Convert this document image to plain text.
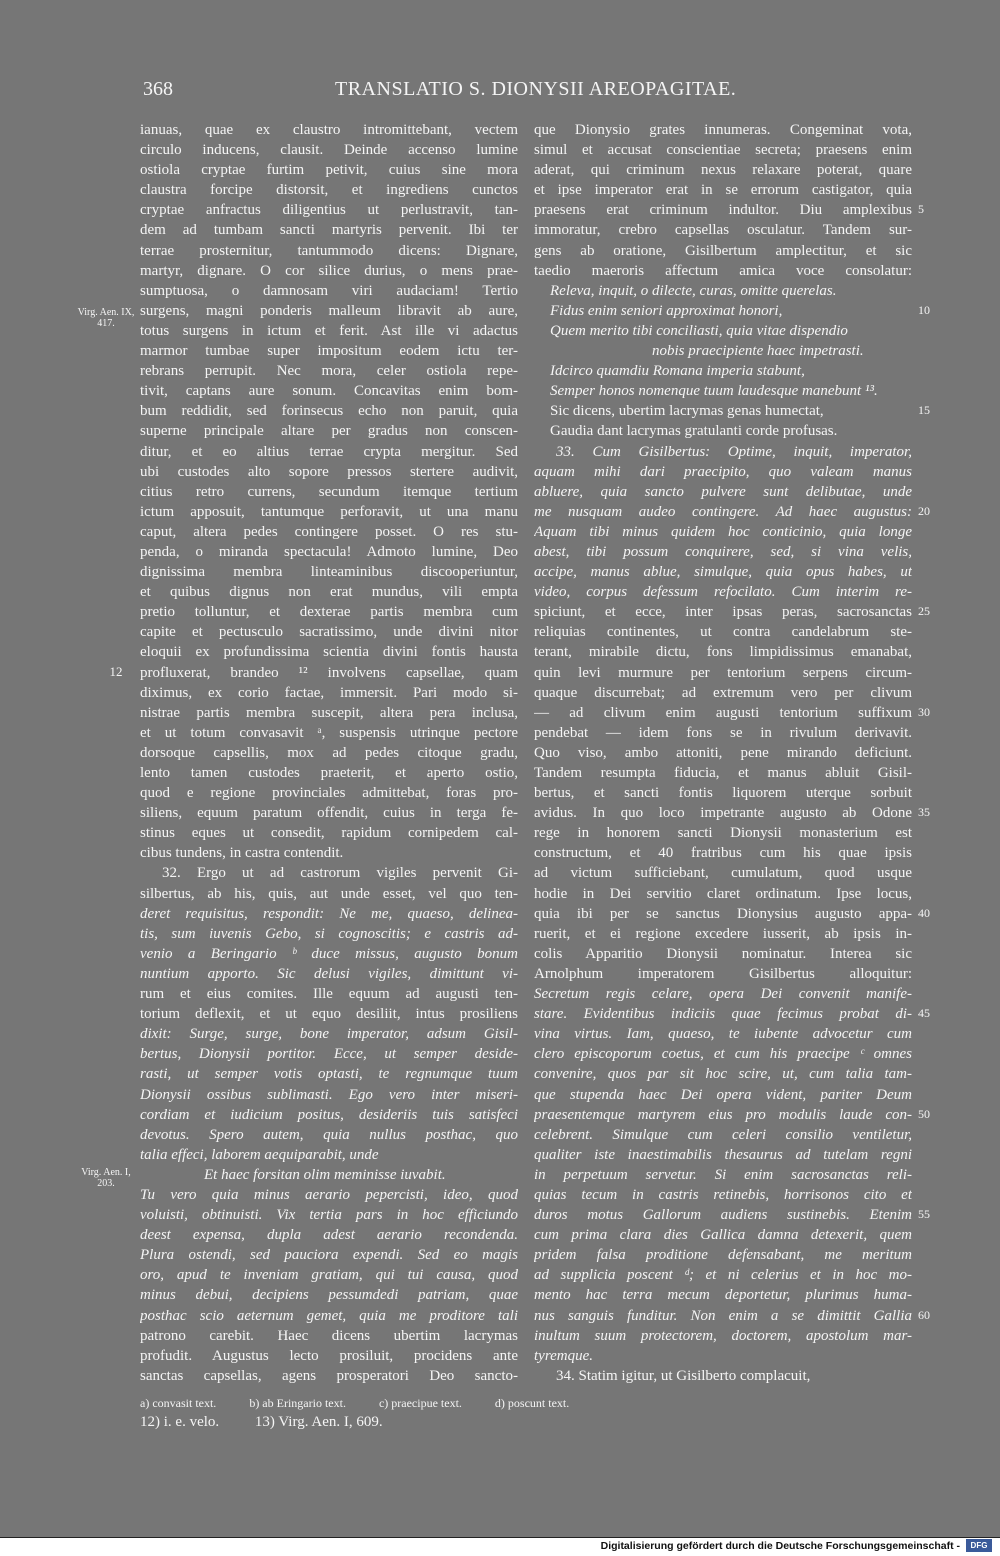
368	TRANSLATIO S. DIONYSII AREOPAGITAE.
ianuas, quae ex claustro intromittebant, vectem
circulo inducens, clausit. Deinde accenso lumine
ostiola cryptae furtim petivit, cuius sine mora
claustra forcipe distorsit, et ingrediens cunctos
cryptae anfractus diligentius ut perlustravit, tan-
dem ad tumbam sancti martyris pervenit. Ibi ter
terrae prosternitur, tantummodo dicens: Dignare,
martyr, dignare. O cor silice durius, o mens prae-
sumptuosa, o damnosam viri audaciam! Tertio
surgens, magni ponderis malleum libravit ab aure,
totus surgens in ictum et ferit. Ast ille vi adactus
marmor tumbae super impositum eodem ictu ter-
rebrans perrupit. Nec mora, celer ostiola repe-
tivit, captans aure sonum. Concavitas enim bom-
bum reddidit, sed forinsecus echo non paruit, quia
superne principale altare per gradus non conscen-
ditur, et eo altius terrae crypta mergitur. Sed
ubi custodes alto sopore pressos stertere audivit,
citius retro currens, secundum itemque tertium
ictum apposuit, tantumque perforavit, ut una manu
caput, altera pedes contingere posset. O res stu-
penda, o miranda spectacula! Admoto lumine, Deo
dignissima membra linteaminibus discooperiuntur,
et quibus dignus non erat mundus, vili empta
pretio tolluntur, et dexterae partis membra cum
capite et pectusculo sacratissimo, unde divini nitor
eloquii ex profundissima scientia divini fontis hausta
profluxerat, brandeo ¹² involvens capsellae, quam
diximus, ex corio factae, immersit. Pari modo si-
nistrae partis membra suscepit, altera pera inclusa,
et ut totum convasavit ᵃ, suspensis utrinque pectore
dorsoque capsellis, mox ad pedes citoque gradu,
lento tamen custodes praeterit, et aperto ostio,
quod e regione provinciales admittebat, foras pro-
siliens, equum paratum offendit, cuius in terga fe-
stinus eques ut consedit, rapidum cornipedem cal-
cibus tundens, in castra contendit.
32. Ergo ut ad castrorum vigiles pervenit Gi-
silbertus, ab his, quis, aut unde esset, vel quo ten-
deret requisitus, respondit: Ne me, quaeso, delinea-
tis, sum iuvenis Gebo, si cognoscitis; e castris ad-
venio a Beringario ᵇ duce missus, augusto bonum
nuntium apporto. Sic delusi vigiles, dimittunt vi-
rum et eius comites. Ille equum ad augusti ten-
torium deflexit, et ut equo desiliit, intus prosiliens
dixit: Surge, surge, bone imperator, adsum Gisil-
bertus, Dionysii portitor. Ecce, ut semper deside-
rasti, ut semper votis optasti, te regnumque tuum
Dionysii ossibus sublimasti. Ego vero inter miseri-
cordiam et iudicium positus, desideriis tuis satisfeci
devotus. Spero autem, quia nullus posthac, quo
talia effeci, laborem aequiparabit, unde
Et haec forsitan olim meminisse iuvabit.
Tu vero quia minus aerario pepercisti, ideo, quod
voluisti, obtinuisti. Vix tertia pars in hoc efficiundo
deest expensa, dupla adest aerario recondenda.
Plura ostendi, sed pauciora expendi. Sed eo magis
oro, apud te inveniam gratiam, qui tui causa, quod
minus debui, decipiens pessumdedi patriam, quae
posthac scio aeternum gemet, quia me proditore tali
patrono carebit. Haec dicens ubertim lacrymas
profudit. Augustus lecto prosiluit, procidens ante
sanctas capsellas, agens prosperatori Deo sancto-
que Dionysio grates innumeras. Congeminat vota,
simul et accusat conscientiae secreta; praesens enim
aderat, qui criminum nexus relaxare poterat, quare
et ipse imperator erat in se errorum castigator, quia
praesens erat criminum indultor. Diu amplexibus
immoratur, crebro capsellas osculatur. Tandem sur-
gens ab oratione, Gisilbertum amplectitur, et sic
taedio maeroris affectum amica voce consolatur:
Releva, inquit, o dilecte, curas, omitte querelas.
Fidus enim seniori approximat honori,
Quem merito tibi conciliasti, quia vitae dispendio
nobis praecipiente haec impetrasti.
Idcirco quamdiu Romana imperia stabunt,
Semper honos nomenque tuum laudesque manebunt ¹³.
Sic dicens, ubertim lacrymas genas humectat,
Gaudia dant lacrymas gratulanti corde profusas.
33. Cum Gisilbertus: Optime, inquit, imperator,
aquam mihi dari praecipito, quo valeam manus
abluere, quia sancto pulvere sunt delibutae, unde
me nusquam audeo contingere. Ad haec augustus:
Aquam tibi minus quidem hoc conticinio, quia longe
abest, tibi possum conquirere, sed, si vina velis,
accipe, manus ablue, simulque, quia opus habes, ut
video, corpus defessum refocilato. Cum interim re-
spiciunt, et ecce, inter ipsas peras, sacrosanctas
reliquias continentes, ut contra candelabrum ste-
terant, mirabile dictu, fons limpidissimus emanabat,
quin levi murmure per tentorium serpens circum-
quaque discurrebat; ad extremum vero per clivum
— ad clivum enim augusti tentorium suffixum
pendebat — idem fons se in rivulum derivavit.
Quo viso, ambo attoniti, pene mirando deficiunt.
Tandem resumpta fiducia, et manus abluit Gisil-
bertus, et sancti fontis liquorem uterque sorbuit
avidus. In quo loco impetrante augusto ab Odone
rege in honorem sancti Dionysii monasterium est
constructum, et 40 fratribus cum his quae ipsis
ad victum sufficiebant, cumulatum, quod usque
hodie in Dei servitio claret ordinatum. Ipse locus,
quia ibi per se sanctus Dionysius augusto appa-
ruerit, et ei regione excedere iusserit, ab ipsis in-
colis Apparitio Dionysii nominatur. Interea sic
Arnolphum imperatorem Gisilbertus alloquitur:
Secretum regis celare, opera Dei convenit manife-
stare. Evidentibus indiciis quae fecimus probat di-
vina virtus. Iam, quaeso, te iubente advocetur cum
clero episcoporum coetus, et cum his praecipe ᶜ omnes
convenire, quos par sit hoc scire, ut, cum talia tam-
que stupenda haec Dei opera vident, pariter Deum
praesentemque martyrem eius pro modulis laude con-
celebrent. Simulque cum celeri consilio ventiletur,
qualiter iste inaestimabilis thesaurus ad tutelam regni
in perpetuum servetur. Si enim sacrosanctas reli-
quias tecum in castris retinebis, horrisonos cito et
duros motus Gallorum audiens sustinebis. Etenim
cum prima clara dies Gallica damna detexerit, quem
pridem falsa proditione defensabant, me meritum
ad supplicia poscent ᵈ; et ni celerius et in hoc mo-
mento hac terra mecum deportetur, plurimus huma-
nus sanguis funditur. Non enim a se dimittit Gallia
inultum suum protectorem, doctorem, apostolum mar-
tyremque.
34. Statim igitur, ut Gisilberto complacuit,
Virg. Aen. IX, 417.
Virg. Aen. I, 203.
12
5
10
15
20
25
30
35
40
45
50
55
60
a) convasit text.	b) ab Eringario text.	c) praecipue text.	d) poscunt text.
12) i. e. velo. 13) Virg. Aen. I, 609.
Digitalisierung gefördert durch die Deutsche Forschungsgemeinschaft -	DFG
